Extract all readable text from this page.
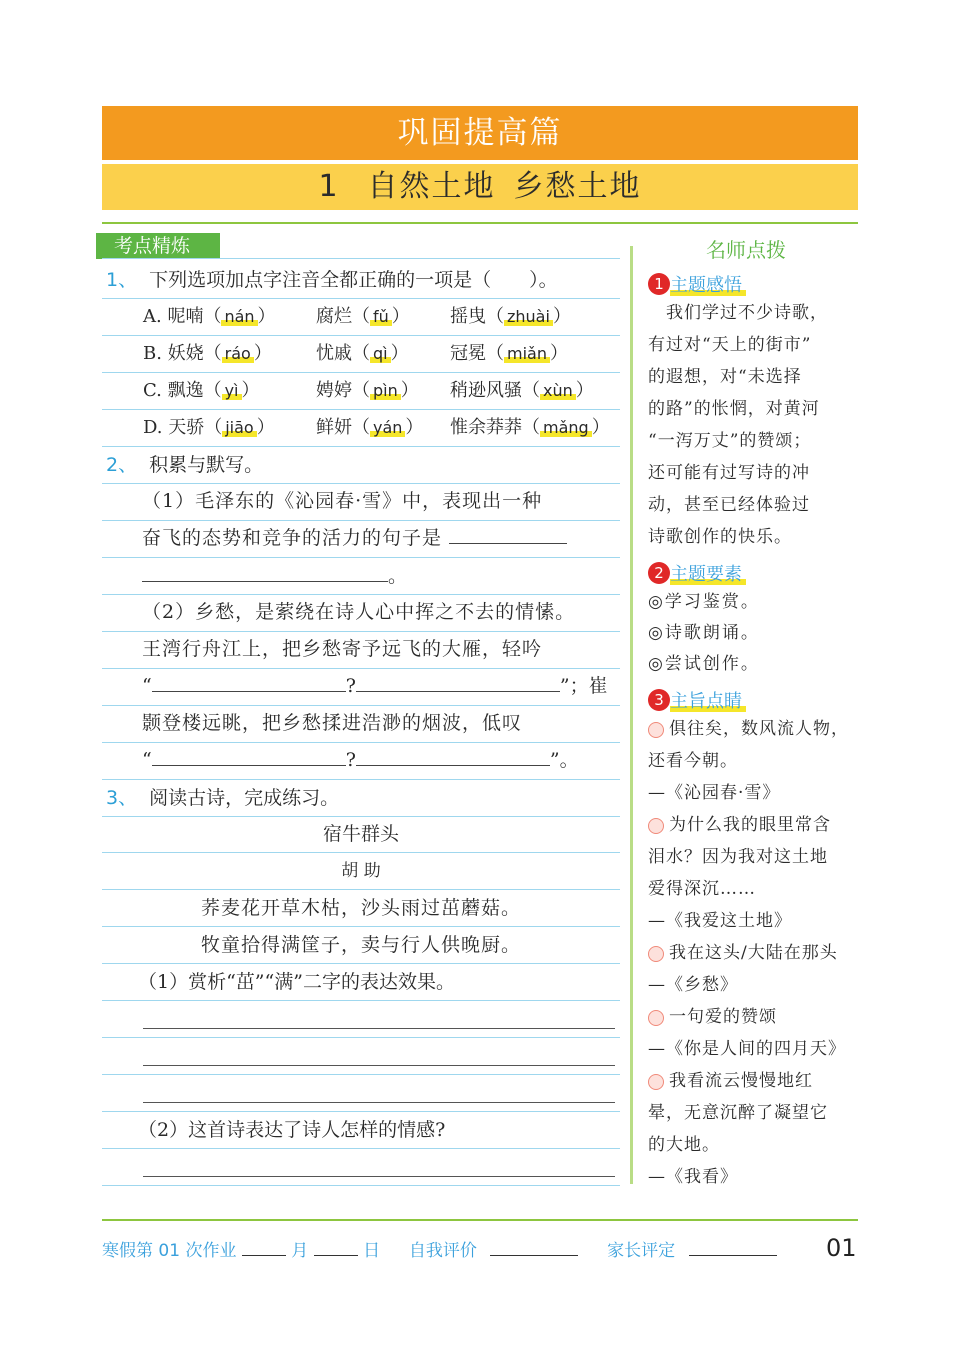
巩固提高篇
1 自然土地 乡愁土地
考点精炼
1、 下列选项加点字注音全都正确的一项是（　　）。
A. 呢喃（ nán ） 腐烂（ fǔ ） 摇曳（ zhuài ）
B. 妖娆（ ráo ） 忧戚（ qì ） 冠冕（ miǎn ）
C. 飘逸（ yì ）	娉婷（ pìn ） 稍逊风骚（ xùn ）
D. 天骄（ jiāo ） 鲜妍（ yán ） 惟余莽莽（ mǎng ）
2、 积累与默写。
（1）毛泽东的《沁园春·雪》中，表现出一种
奋飞的态势和竞争的活力的句子是
。
（2）乡愁，是萦绕在诗人心中挥之不去的情愫。
王湾行舟江上，把乡愁寄予远飞的大雁，轻吟
“	?	”；崔
颢登楼远眺，把乡愁揉进浩渺的烟波，低叹
“	?	”。
3、 阅读古诗，完成练习。
宿牛群头
胡 助
荞麦花开草木枯，沙头雨过茁蘑菇。
牧童拾得满筐子，卖与行人供晚厨。
（1）赏析“茁”“满”二字的表达效果。
（2）这首诗表达了诗人怎样的情感?
名师点拨
1 主题感悟
　我们学过不少诗歌，
有过对“天上的街市”
的遐想，对“未选择
的路”的怅惘，对黄河
“一泻万丈”的赞颂；
还可能有过写诗的冲
动，甚至已经体验过
诗歌创作的快乐。
2 主题要素
◎学习鉴赏。
◎诗歌朗诵。
◎尝试创作。
3 主旨点睛
俱往矣，数风流人物，
还看今朝。
—《沁园春·雪》
为什么我的眼里常含
泪水？因为我对这土地
爱得深沉……
—《我爱这土地》
我在这头/大陆在那头
—《乡愁》
一句爱的赞颂
—《你是人间的四月天》
我看流云慢慢地红
晕，无意沉醉了凝望它
的大地。
—《我看》
寒假第 01 次作业	月	日 自我评价	家长评定	01
